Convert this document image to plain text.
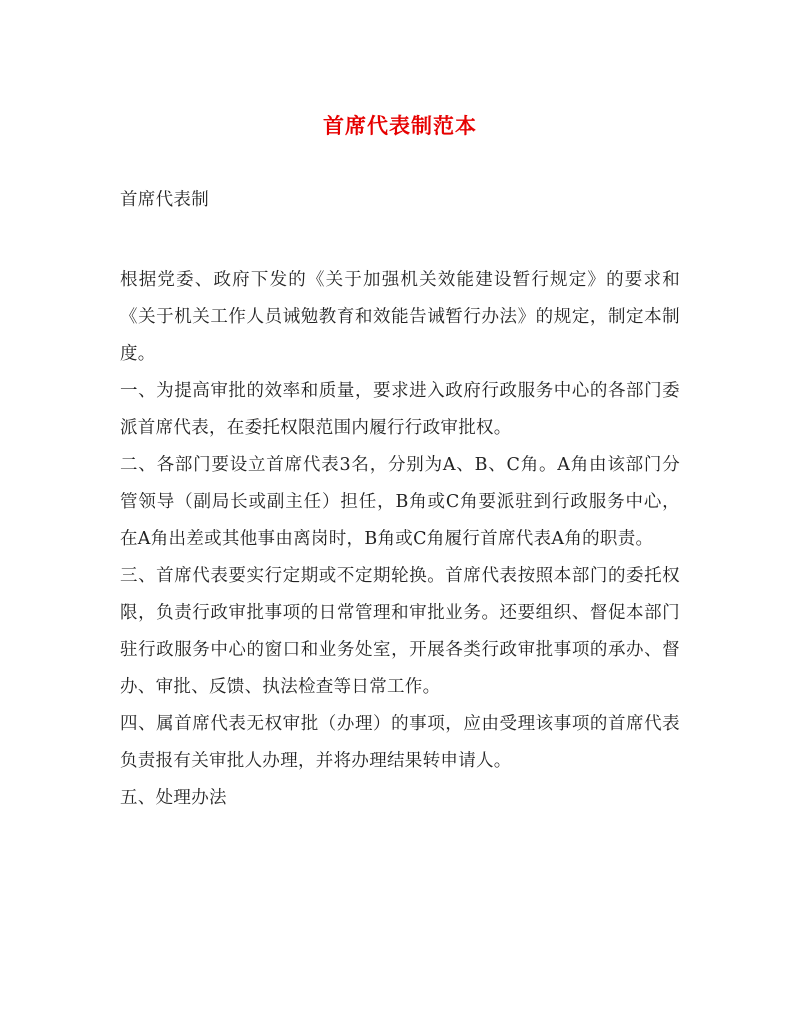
首席代表制范本
首席代表制

根据党委、政府下发的《关于加强机关效能建设暂行规定》的要求和《关于机关工作人员诫勉教育和效能告诫暂行办法》的规定，制定本制度。

一、为提高审批的效率和质量，要求进入政府行政服务中心的各部门委派首席代表，在委托权限范围内履行行政审批权。

二、各部门要设立首席代表3名，分别为A、B、C角。A角由该部门分管领导（副局长或副主任）担任，B角或C角要派驻到行政服务中心，在A角出差或其他事由离岗时，B角或C角履行首席代表A角的职责。

三、首席代表要实行定期或不定期轮换。首席代表按照本部门的委托权限，负责行政审批事项的日常管理和审批业务。还要组织、督促本部门驻行政服务中心的窗口和业务处室，开展各类行政审批事项的承办、督办、审批、反馈、执法检查等日常工作。

四、属首席代表无权审批（办理）的事项，应由受理该事项的首席代表负责报有关审批人办理，并将办理结果转申请人。

五、处理办法
